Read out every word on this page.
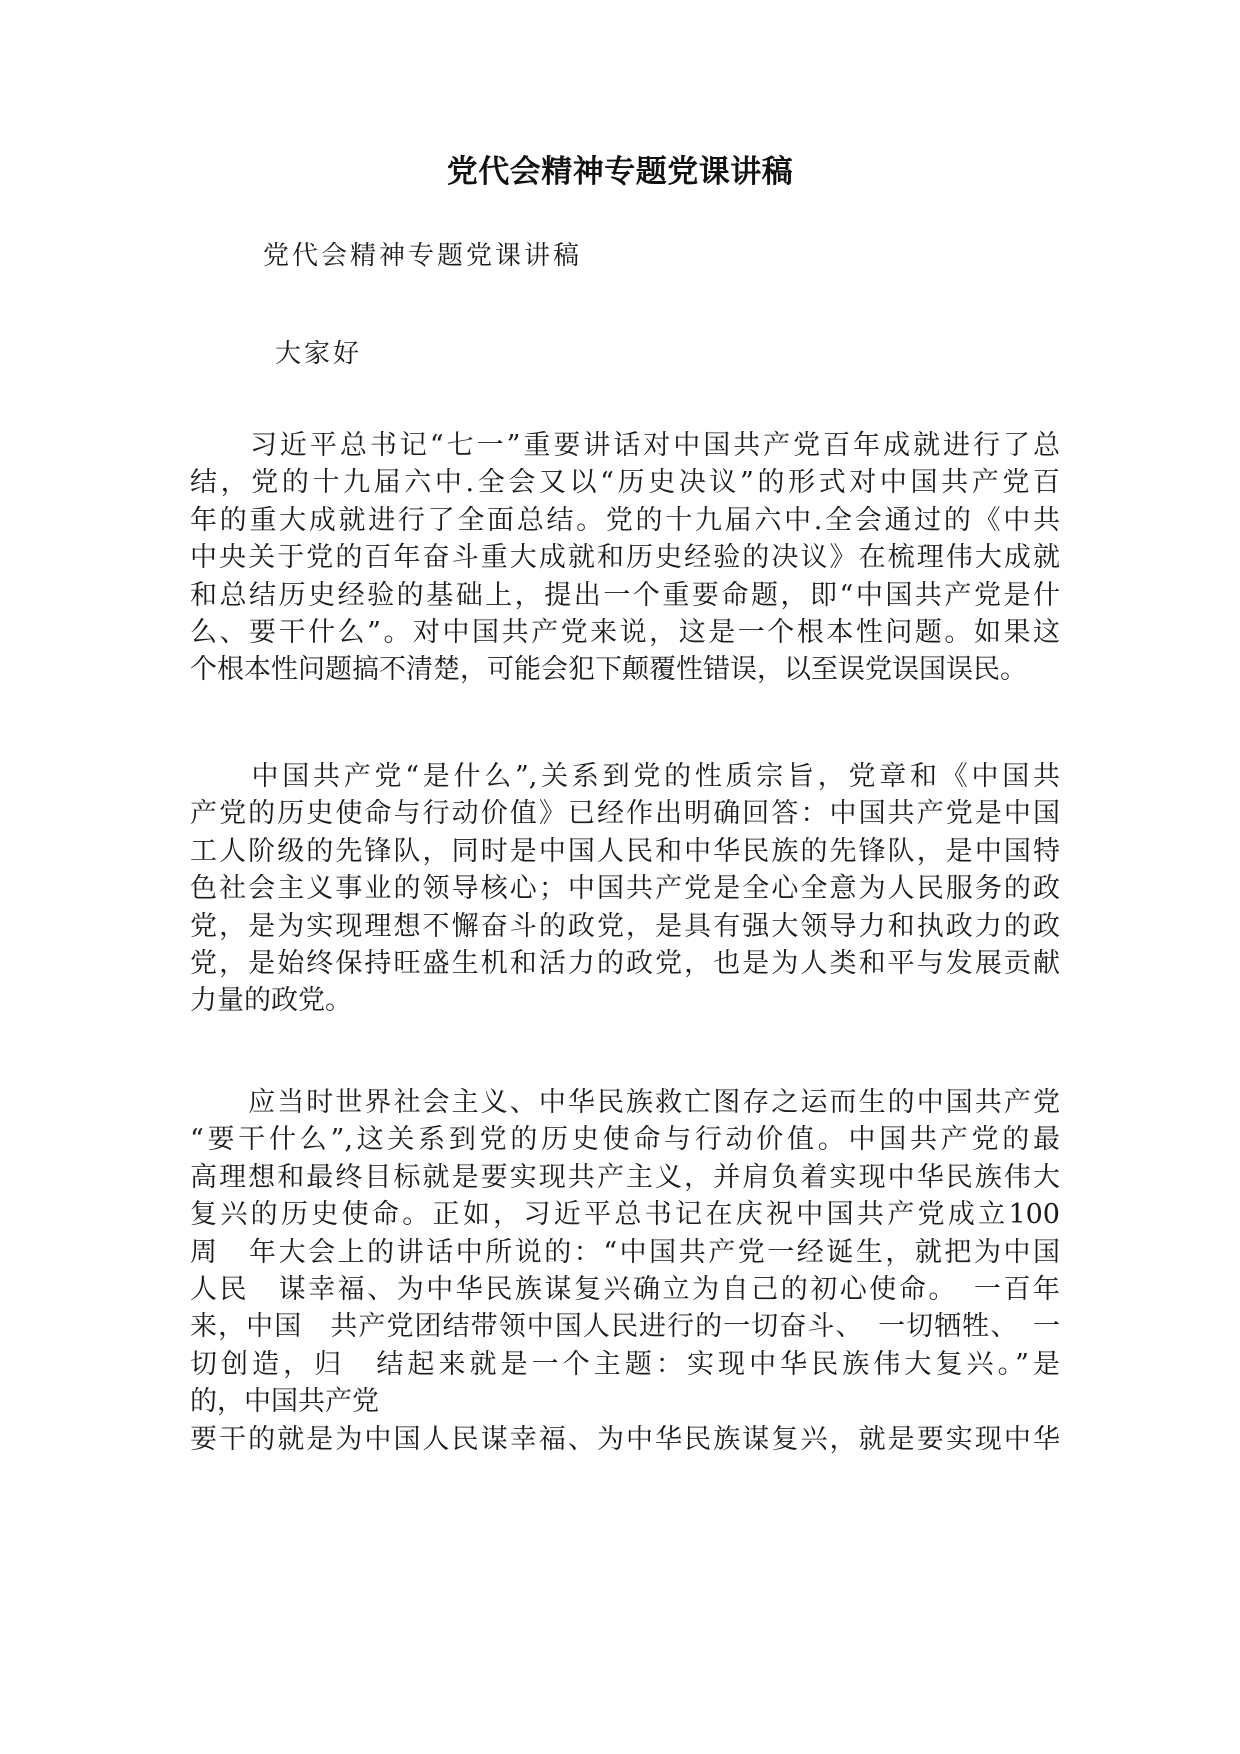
党代会精神专题党课讲稿
党代会精神专题党课讲稿
大家好
　　习近平总书记“七一”重要讲话对中国共产党百年成就进行了总
结，党的十九届六中.全会又以“历史决议”的形式对中国共产党百
年的重大成就进行了全面总结。党的十九届六中.全会通过的《中共
中央关于党的百年奋斗重大成就和历史经验的决议》在梳理伟大成就
和总结历史经验的基础上，提出一个重要命题，即“中国共产党是什
么、要干什么”。对中国共产党来说，这是一个根本性问题。如果这
个根本性问题搞不清楚，可能会犯下颠覆性错误，以至误党误国误民。
　　中国共产党“是什么”,关系到党的性质宗旨，党章和《中国共
产党的历史使命与行动价值》已经作出明确回答：中国共产党是中国
工人阶级的先锋队，同时是中国人民和中华民族的先锋队，是中国特
色社会主义事业的领导核心；中国共产党是全心全意为人民服务的政
党，是为实现理想不懈奋斗的政党，是具有强大领导力和执政力的政
党，是始终保持旺盛生机和活力的政党，也是为人类和平与发展贡献
力量的政党。
　　应当时世界社会主义、中华民族救亡图存之运而生的中国共产党
“要干什么”,这关系到党的历史使命与行动价值。中国共产党的最
高理想和最终目标就是要实现共产主义，并肩负着实现中华民族伟大
复兴的历史使命。正如，习近平总书记在庆祝中国共产党成立100
周　年大会上的讲话中所说的：“中国共产党一经诞生，就把为中国
人民　谋幸福、为中华民族谋复兴确立为自己的初心使命。　一百年
来，中国　共产党团结带领中国人民进行的一切奋斗、　一切牺牲、　一
切创造，归　结起来就是一个主题：实现中华民族伟大复兴。”是
的，中国共产党
要干的就是为中国人民谋幸福、为中华民族谋复兴，就是要实现中华
